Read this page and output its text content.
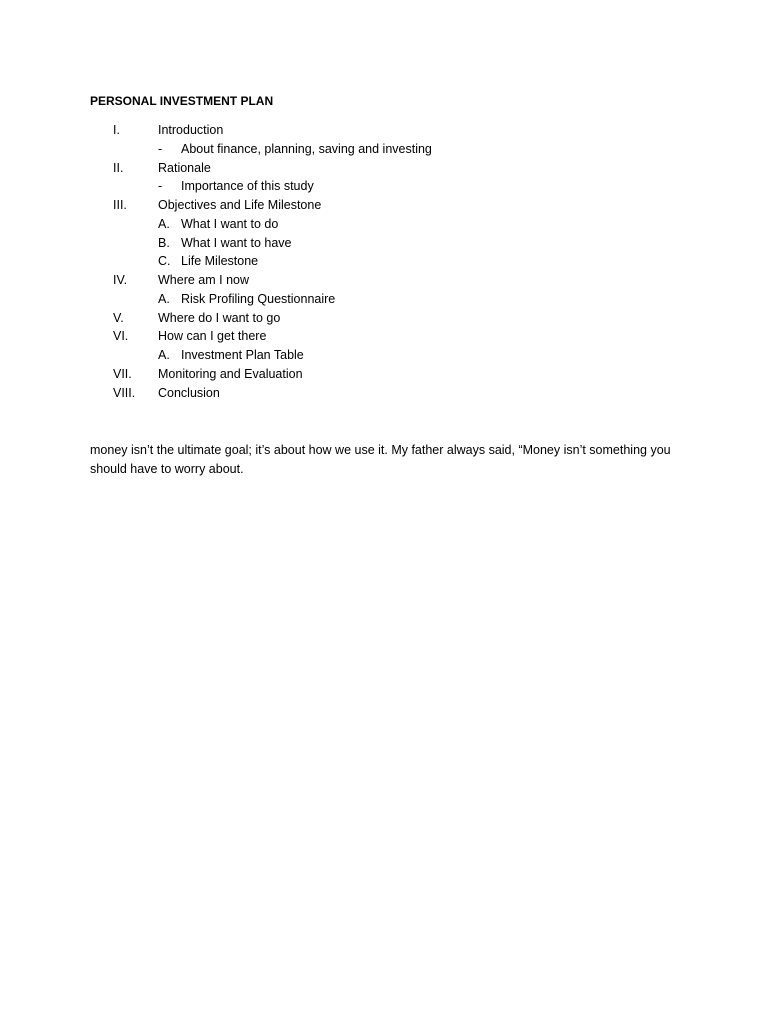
PERSONAL INVESTMENT PLAN
I.	Introduction
- About finance, planning, saving and investing
II.	Rationale
- Importance of this study
III. Objectives and Life Milestone
A. What I want to do
B. What I want to have
C. Life Milestone
IV. Where am I now
A. Risk Profiling Questionnaire
V.	Where do I want to go
VI. How can I get there
A. Investment Plan Table
VII. Monitoring and Evaluation
VIII. Conclusion
money isn’t the ultimate goal; it’s about how we use it. My father always said, “Money isn’t something you should have to worry about.
